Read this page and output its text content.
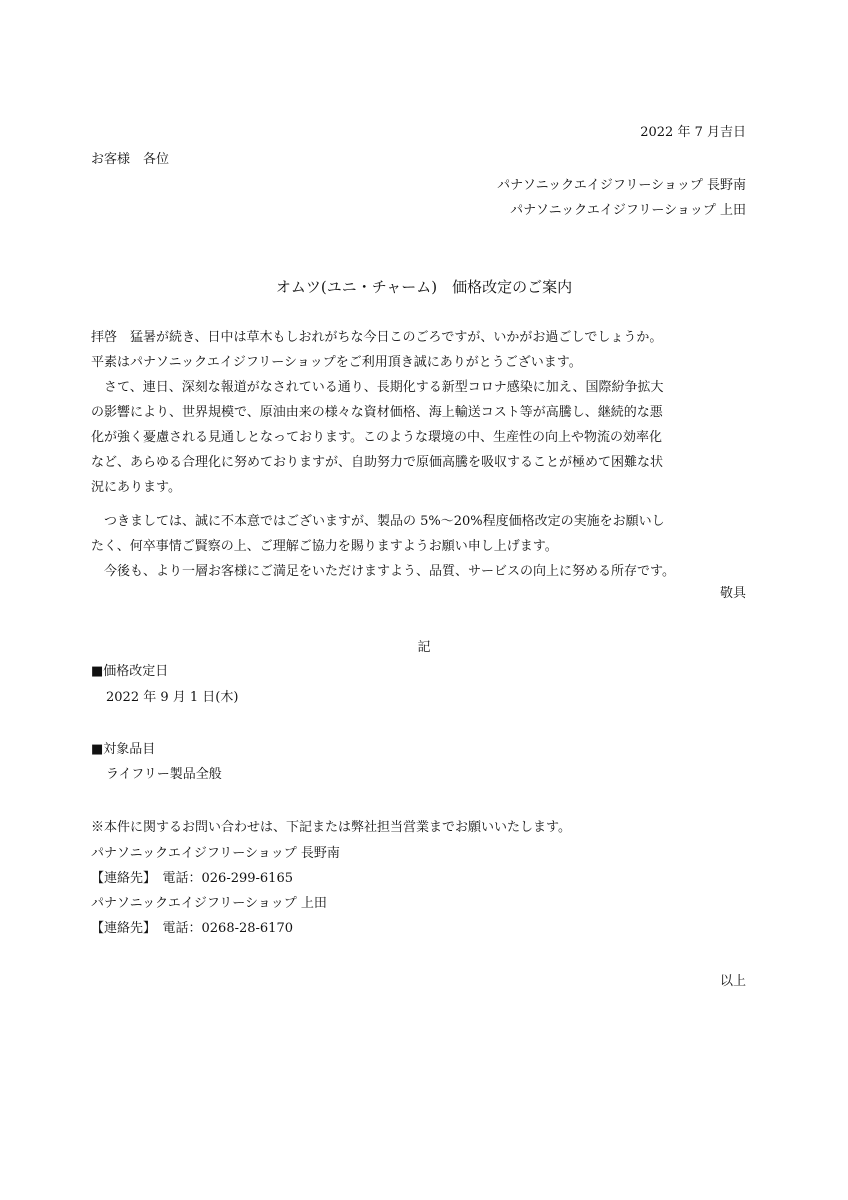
2022 年 7 月吉日
お客様　各位
パナソニックエイジフリーショップ 長野南
パナソニックエイジフリーショップ 上田
オムツ(ユニ・チャーム)　価格改定のご案内
拝啓　猛暑が続き、日中は草木もしおれがちな今日このごろですが、いかがお過ごしでしょうか。
平素はパナソニックエイジフリーショップをご利用頂き誠にありがとうございます。
　さて、連日、深刻な報道がなされている通り、長期化する新型コロナ感染に加え、国際紛争拡大
の影響により、世界規模で、原油由来の様々な資材価格、海上輸送コスト等が高騰し、継続的な悪
化が強く憂慮される見通しとなっております。このような環境の中、生産性の向上や物流の効率化
など、あらゆる合理化に努めておりますが、自助努力で原価高騰を吸収することが極めて困難な状
況にあります。
　つきましては、誠に不本意ではございますが、製品の 5%～20%程度価格改定の実施をお願いし
たく、何卒事情ご賢察の上、ご理解ご協力を賜りますようお願い申し上げます。
　今後も、より一層お客様にご満足をいただけますよう、品質、サービスの向上に努める所存です。
敬具
記
■価格改定日
2022 年 9 月 1 日(木)
■対象品目
ライフリー製品全般
※本件に関するお問い合わせは、下記または弊社担当営業までお願いいたします。
パナソニックエイジフリーショップ 長野南
【連絡先】　電話：026-299-6165
パナソニックエイジフリーショップ 上田
【連絡先】　電話：0268-28-6170
以上
